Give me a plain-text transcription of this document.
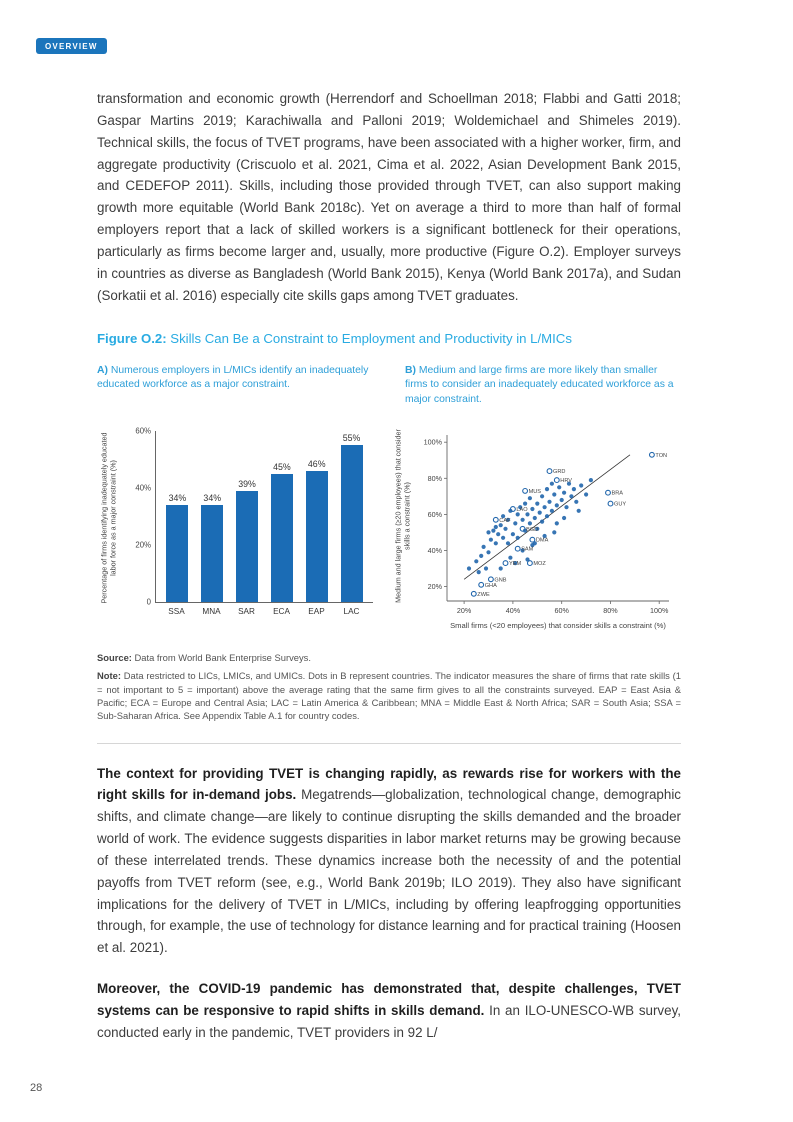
OVERVIEW

transformation and economic growth (Herrendorf and Schoellman 2018; Flabbi and Gatti 2018; Gaspar Martins 2019; Karachiwalla and Palloni 2019; Woldemichael and Shimeles 2019). Technical skills, the focus of TVET programs, have been associated with a higher worker, firm, and aggregate productivity (Criscuolo et al. 2021, Cima et al. 2022, Asian Development Bank 2015, and CEDEFOP 2011). Skills, including those provided through TVET, can also support making growth more equitable (World Bank 2018c). Yet on average a third to more than half of formal employers report that a lack of skilled workers is a significant bottleneck for their operations, particularly as firms become larger and, usually, more productive (Figure O.2). Employer surveys in countries as diverse as Bangladesh (World Bank 2015), Kenya (World Bank 2017a), and Sudan (Sorkatii et al. 2016) especially cite skills gaps among TVET graduates.

Figure O.2: Skills Can Be a Constraint to Employment and Productivity in L/MICs

A) Numerous employers in L/MICs identify an inadequately educated workforce as a major constraint.

B) Medium and large firms are more likely than smaller firms to consider an inadequately educated workforce as a major constraint.

Percentage of firms identifying inadequately educated labor force as a major constraint (%)	34% 34%
39%
45% 46%
55%
0
20%
40%
60%
SSA	MNA	SAR	ECA	EAP	LAC
Medium and large firms (≥20 employees) that consider skills a constraint (%)
20%	40%	60%	80%	100%
20%
40%
60%
80%
100%
TON
GRD
HRV
MUS	BRA
GUY
LAO
CAF
BGD
DMA
SAM
YEM MOZ
GNB
GHA
ZWE
Small firms (<20 employees) that consider skills a constraint (%)

Source: Data from World Bank Enterprise Surveys.

Note: Data restricted to LICs, LMICs, and UMICs. Dots in B represent countries. The indicator measures the share of firms that rate skills (1 = not important to 5 = important) above the average rating that the same firm gives to all the constraints surveyed. EAP = East Asia & Pacific; ECA = Europe and Central Asia; LAC = Latin America & Caribbean; MNA = Middle East & North Africa; SAR = South Asia; SSA = Sub-Saharan Africa. See Appendix Table A.1 for country codes.

The context for providing TVET is changing rapidly, as rewards rise for workers with the right skills for in-demand jobs. Megatrends—globalization, technological change, demographic shifts, and climate change—are likely to continue disrupting the skills demanded and the broader world of work. The evidence suggests disparities in labor market returns may be growing because of these interrelated trends. These dynamics increase both the necessity of and the potential payoffs from TVET reform (see, e.g., World Bank 2019b; ILO 2019). They also have significant implications for the delivery of TVET in L/MICs, including by offering leapfrogging opportunities through, for example, the use of technology for distance learning and for practical training (Hoosen et al. 2021).

Moreover, the COVID-19 pandemic has demonstrated that, despite challenges, TVET systems can be responsive to rapid shifts in skills demand. In an ILO-UNESCO-WB survey, conducted early in the pandemic, TVET providers in 92 L/

28
